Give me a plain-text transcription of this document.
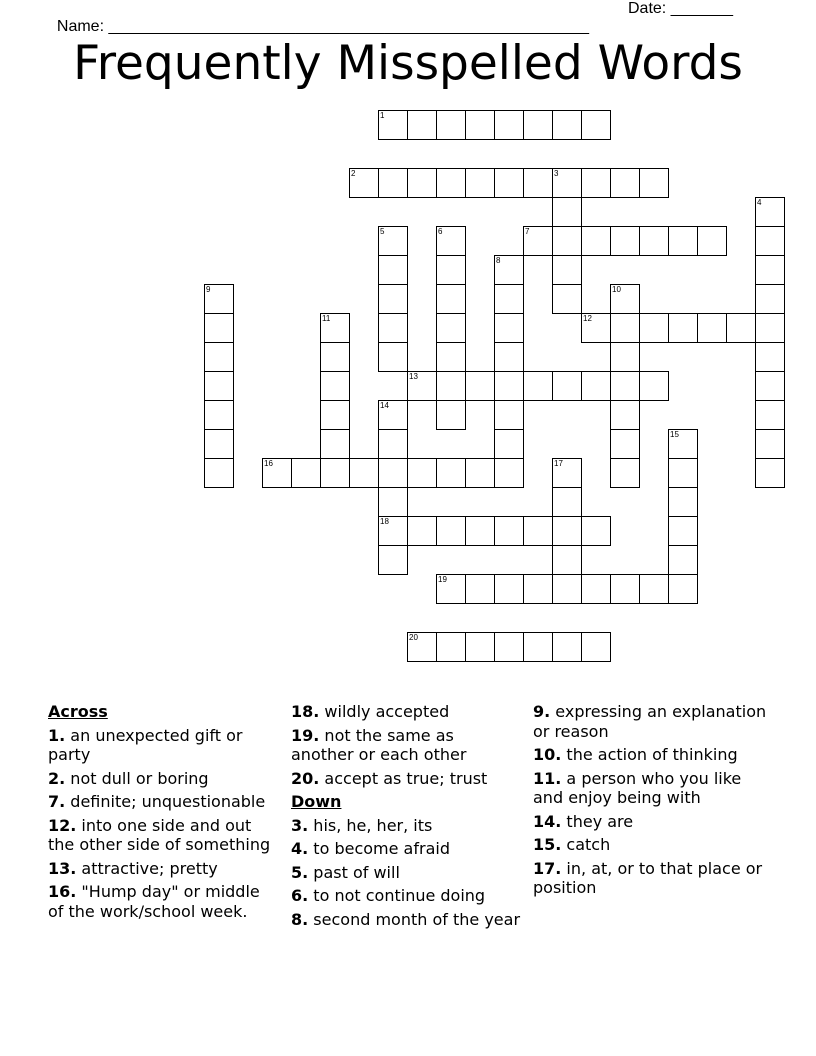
Name: ______________________________________________________

Date: _______

Frequently Misspelled Words
1
2	3
4
5	6	7
8
9	10
11	12
13
14
15
16	17
18
19
20
Across
1. an unexpected gift or party
2. not dull or boring
7. definite; unquestionable
12. into one side and out the other side of something
13. attractive; pretty
16. "Hump day" or middle of the work/school week.
18. wildly accepted
19. not the same as another or each other
20. accept as true; trust
Down
3. his, he, her, its
4. to become afraid
5. past of will
6. to not continue doing
8. second month of the year
9. expressing an explanation or reason
10. the action of thinking
11. a person who you like and enjoy being with
14. they are
15. catch
17. in, at, or to that place or position
